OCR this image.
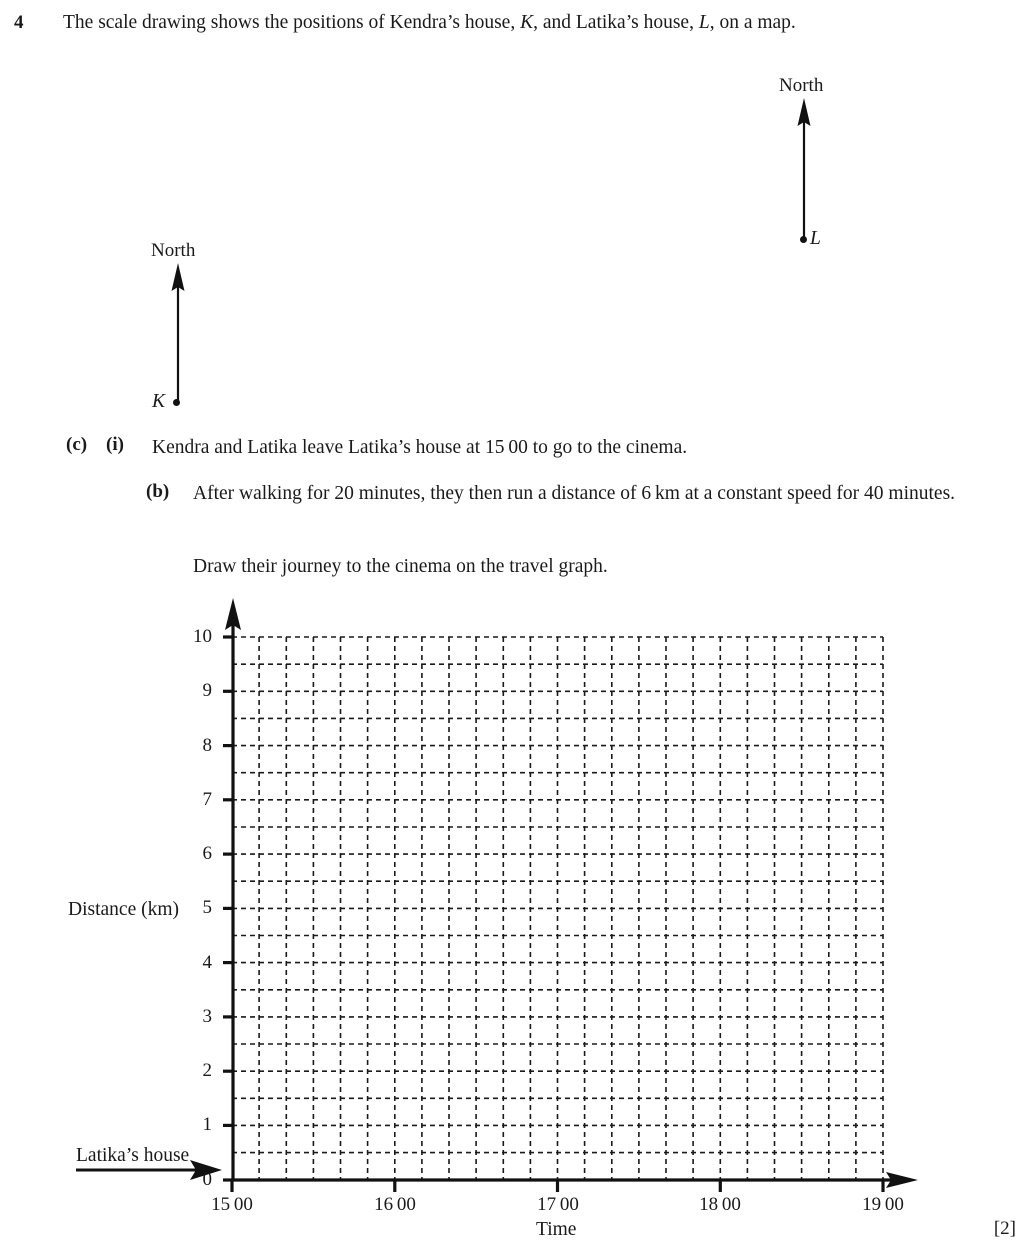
4 The scale drawing shows the positions of Kendra’s house, K, and Latika’s house, L, on a map.
North
L
North
K
(c) (i) Kendra and Latika leave Latika’s house at 15 00 to go to the cinema.
(b) After walking for 20 minutes, they then run a distance of 6 km at a constant speed for 40 minutes.
Draw their journey to the cinema on the travel graph.
10
9
8
7
6
5
4
3
2
1
0
15 00	16 00	17 00	18 00	19 00
Distance (km)
Time
Latika’s house
[2]
